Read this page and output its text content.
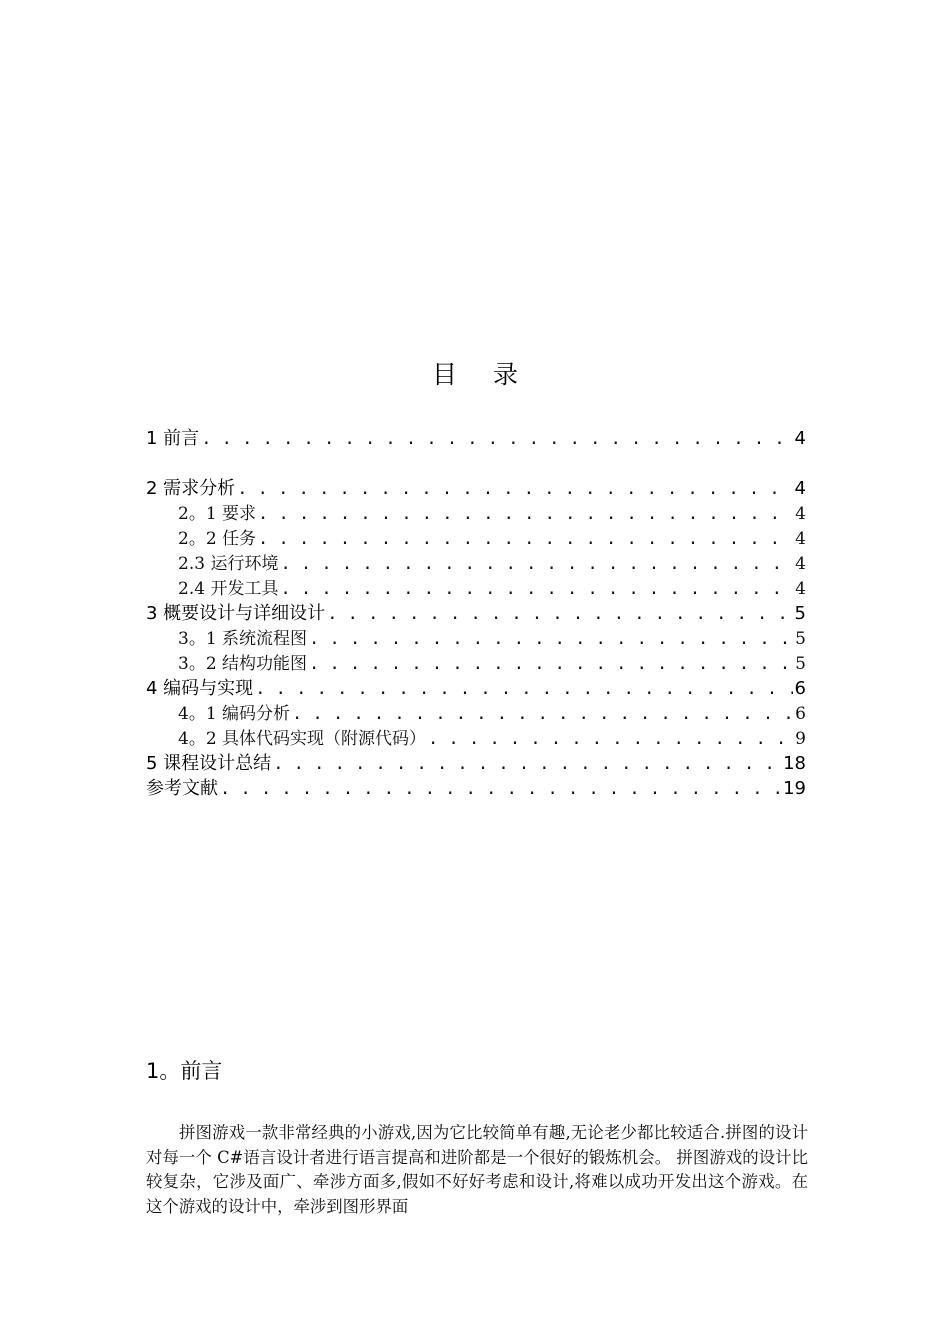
目 录
1 前言 . . .	4
2 需求分析 . . .	4
2。1 要求 . . .	4
2。2 任务 . . .	4
2.3 运行环境 . . .	4
2.4 开发工具 . . .	4
3 概要设计与详细设计 . . .	5
3。1 系统流程图 . . .	5
3。2 结构功能图 . . .	5
4 编码与实现 . . .	6
4。1 编码分析 . . .	6
4。2 具体代码实现（附源代码） . . .	9
5 课程设计总结 . . .	18
参考文献 . . .	19
1。前言
拼图游戏一款非常经典的小游戏,因为它比较简单有趣,无论老少都比较适合.拼图的设计对每一个 C#语言设计者进行语言提高和进阶都是一个很好的锻炼机会。 拼图游戏的设计比较复杂，它涉及面广、牵涉方面多,假如不好好考虑和设计,将难以成功开发出这个游戏。在这个游戏的设计中，牵涉到图形界面
